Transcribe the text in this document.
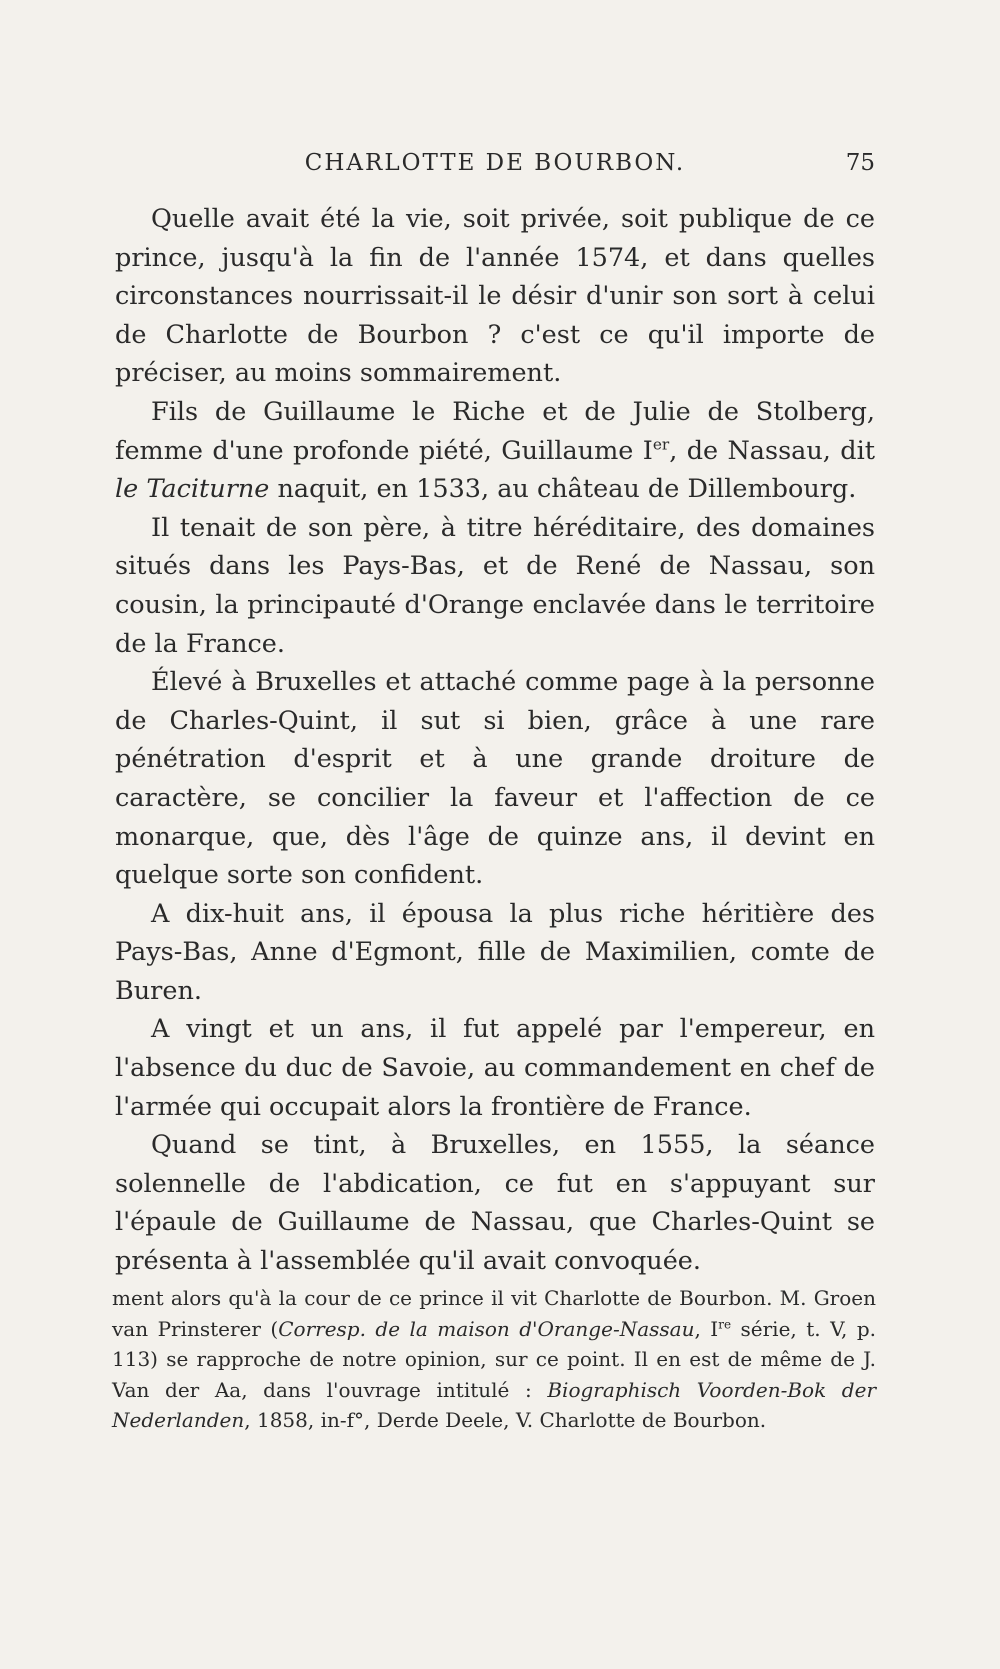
CHARLOTTE DE BOURBON.	75

Quelle avait été la vie, soit privée, soit publique de ce prince, jusqu'à la fin de l'année 1574, et dans quelles circonstances nourrissait-il le désir d'unir son sort à celui de Charlotte de Bourbon ? c'est ce qu'il importe de préciser, au moins sommairement.

Fils de Guillaume le Riche et de Julie de Stolberg, femme d'une profonde piété, Guillaume Ier, de Nassau, dit le Taciturne naquit, en 1533, au château de Dillembourg.

Il tenait de son père, à titre héréditaire, des domaines situés dans les Pays-Bas, et de René de Nassau, son cousin, la principauté d'Orange enclavée dans le territoire de la France.

Élevé à Bruxelles et attaché comme page à la personne de Charles-Quint, il sut si bien, grâce à une rare pénétration d'esprit et à une grande droiture de caractère, se concilier la faveur et l'affection de ce monarque, que, dès l'âge de quinze ans, il devint en quelque sorte son confident.

A dix-huit ans, il épousa la plus riche héritière des Pays-Bas, Anne d'Egmont, fille de Maximilien, comte de Buren.

A vingt et un ans, il fut appelé par l'empereur, en l'absence du duc de Savoie, au commandement en chef de l'armée qui occupait alors la frontière de France.

Quand se tint, à Bruxelles, en 1555, la séance solennelle de l'abdication, ce fut en s'appuyant sur l'épaule de Guillaume de Nassau, que Charles-Quint se présenta à l'assemblée qu'il avait convoquée.

ment alors qu'à la cour de ce prince il vit Charlotte de Bourbon. M. Groen van Prinsterer (Corresp. de la maison d'Orange-Nassau, Ire série, t. V, p. 113) se rapproche de notre opinion, sur ce point. Il en est de même de J. Van der Aa, dans l'ouvrage intitulé : Biographisch Voorden-Bok der Nederlanden, 1858, in-f°, Derde Deele, V. Charlotte de Bourbon.
